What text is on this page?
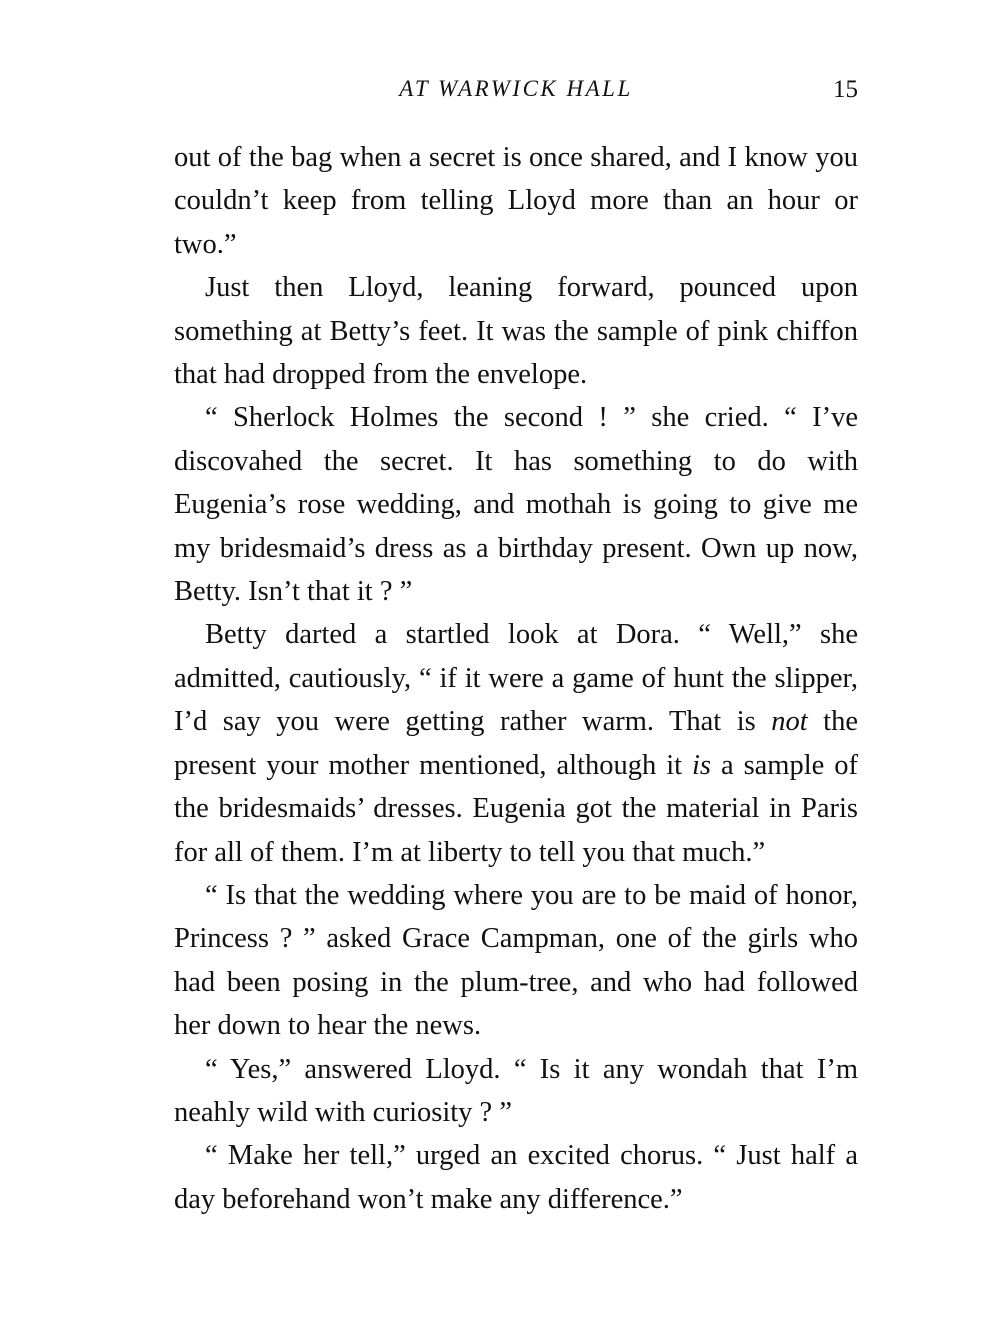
AT WARWICK HALL	15

out of the bag when a secret is once shared, and I know you couldn’t keep from telling Lloyd more than an hour or two.”

Just then Lloyd, leaning forward, pounced upon something at Betty’s feet. It was the sample of pink chiffon that had dropped from the envelope.

“ Sherlock Holmes the second ! ” she cried. “ I’ve discovahed the secret. It has something to do with Eugenia’s rose wedding, and mothah is going to give me my bridesmaid’s dress as a birthday present. Own up now, Betty. Isn’t that it ? ”

Betty darted a startled look at Dora. “ Well,” she admitted, cautiously, “ if it were a game of hunt the slipper, I’d say you were getting rather warm. That is not the present your mother mentioned, although it is a sample of the bridesmaids’ dresses. Eugenia got the material in Paris for all of them. I’m at liberty to tell you that much.”

“ Is that the wedding where you are to be maid of honor, Princess ? ” asked Grace Campman, one of the girls who had been posing in the plum-tree, and who had followed her down to hear the news.

“ Yes,” answered Lloyd. “ Is it any wondah that I’m neahly wild with curiosity ? ”

“ Make her tell,” urged an excited chorus. “ Just half a day beforehand won’t make any difference.”
